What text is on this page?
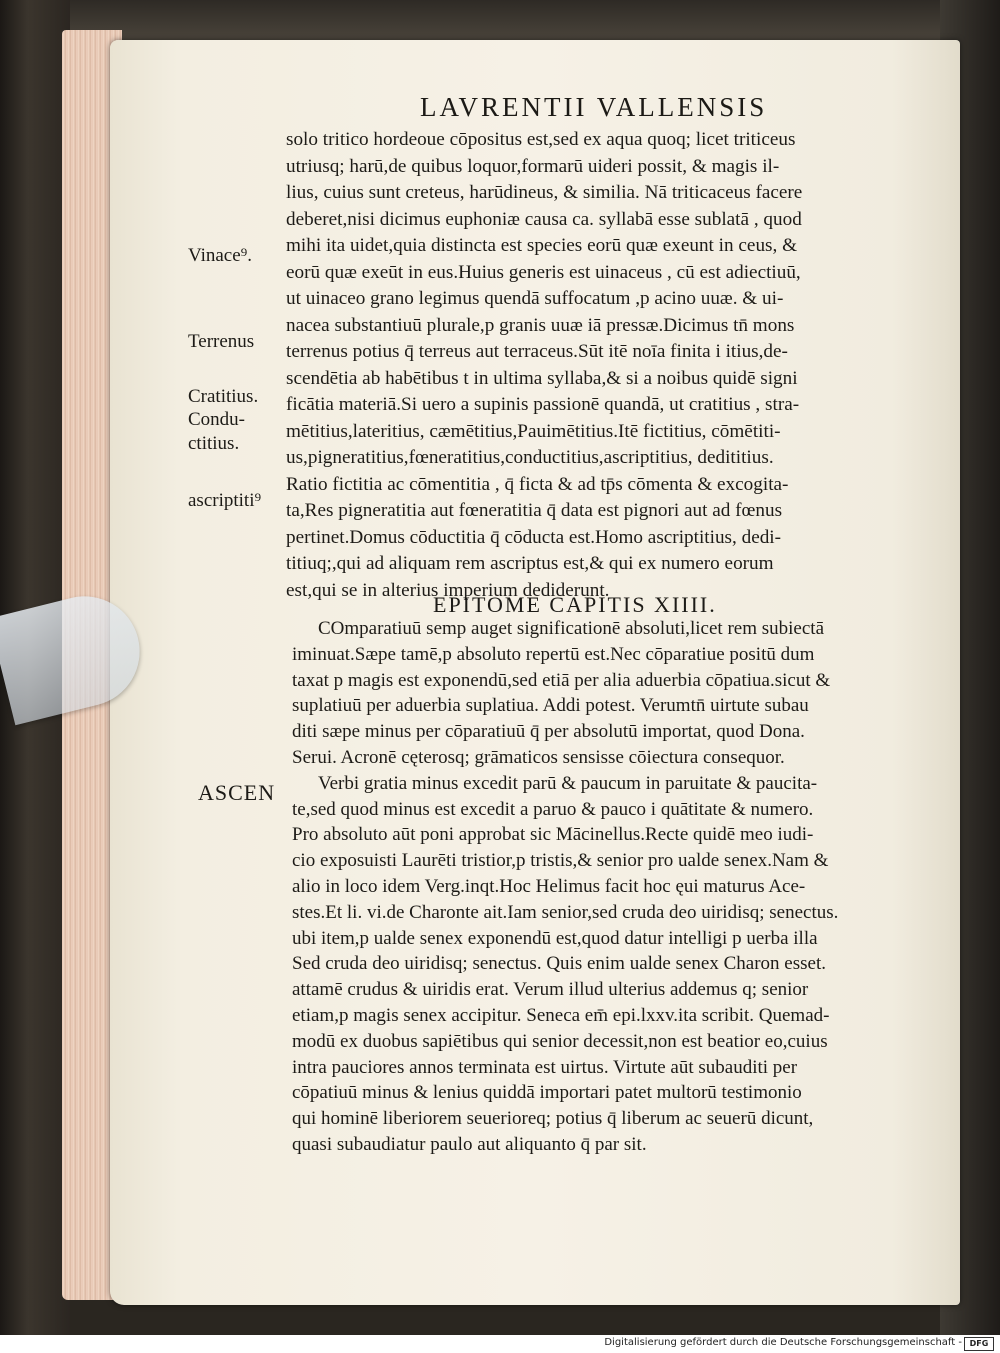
LAVRENTII VALLENSIS
Vinace⁹.
Terrenus
Cratitius.
Condu‑
ctitius.
ascriptiti⁹
ASCEN
solo tritico hordeoue cōpositus est,sed ex aqua quoq; licet triticeus
utriusq; harū,de quibus loquor,formarū uideri possit, & magis il-
lius, cuius sunt creteus, harūdineus, & similia. Nā triticaceus facere
deberet,nisi dicimus euphoniæ causa ca. syllabā esse sublatā , quod
mihi ita uidet,quia distincta est species eorū quæ exeunt in ceus, &
eorū quæ exeūt in eus.Huius generis est uinaceus , cū est adiectiuū,
ut uinaceo grano legimus quendā suffocatum ,p acino uuæ. & ui-
nacea substantiuū plurale,p granis uuæ iā pressæ.Dicimus tn̄ mons
terrenus potius q̄ terreus aut terraceus.Sūt itē noīa finita i itius,de-
scendētia ab habētibus t in ultima syllaba,& si a noibus quidē signi
ficātia materiā.Si uero a supinis passionē quandā, ut cratitius , stra-
mētitius,lateritius, cæmētitius,Pauimētitius.Itē fictitius, cōmētiti-
us,pigneratitius,fœneratitius,conductitius,ascriptitius, dedititius.
Ratio fictitia ac cōmentitia , q̄ ficta & ad tp̄s cōmenta & excogita-
ta,Res pigneratitia aut fœneratitia q̄ data est pignori aut ad fœnus
pertinet.Domus cōductitia q̄ cōducta est.Homo ascriptitius, dedi-
titiuq;,qui ad aliquam rem ascriptus est,& qui ex numero eorum
est,qui se in alterius imperium dediderunt.
EPITOME CAPITIS XIIII.
COmparatiuū semp auget significationē absoluti,licet rem subiectā
iminuat.Sæpe tamē,p absoluto repertū est.Nec cōparatiue positū dum
taxat p magis est exponendū,sed etiā per alia aduerbia cōpatiua.sicut &
suplatiuū per aduerbia suplatiua. Addi potest. Verumtn̄ uirtute subau
diti sæpe minus per cōparatiuū q̄ per absolutū importat, quod Dona.
Serui. Acronē cęterosq; grāmaticos sensisse cōiectura consequor.
Verbi gratia minus excedit parū & paucum in paruitate & paucita-
te,sed quod minus est excedit a paruo & pauco i quātitate & numero.
Pro absoluto aūt poni approbat sic Mācinellus.Recte quidē meo iudi-
cio exposuisti Laurēti tristior,p tristis,& senior pro ualde senex.Nam &
alio in loco idem Verg.inqt.Hoc Helimus facit hoc ęui maturus Ace-
stes.Et li. vi.de Charonte ait.Iam senior,sed cruda deo uiridisq; senectus.
ubi item,p ualde senex exponendū est,quod datur intelligi p uerba illa
Sed cruda deo uiridisq; senectus. Quis enim ualde senex Charon esset.
attamē crudus & uiridis erat. Verum illud ulterius addemus q; senior
etiam,p magis senex accipitur. Seneca em̄ epi.lxxv.ita scribit. Quemad-
modū ex duobus sapiētibus qui senior decessit,non est beatior eo,cuius
intra pauciores annos terminata est uirtus. Virtute aūt subauditi per
cōpatiuū minus & lenius quiddā importari patet multorū testimonio
qui hominē liberiorem seuerioreq; potius q̄ liberum ac seuerū dicunt,
quasi subaudiatur paulo aut aliquanto q̄ par sit.
Digitalisierung gefördert durch die Deutsche Forschungsgemeinschaft - DFG
